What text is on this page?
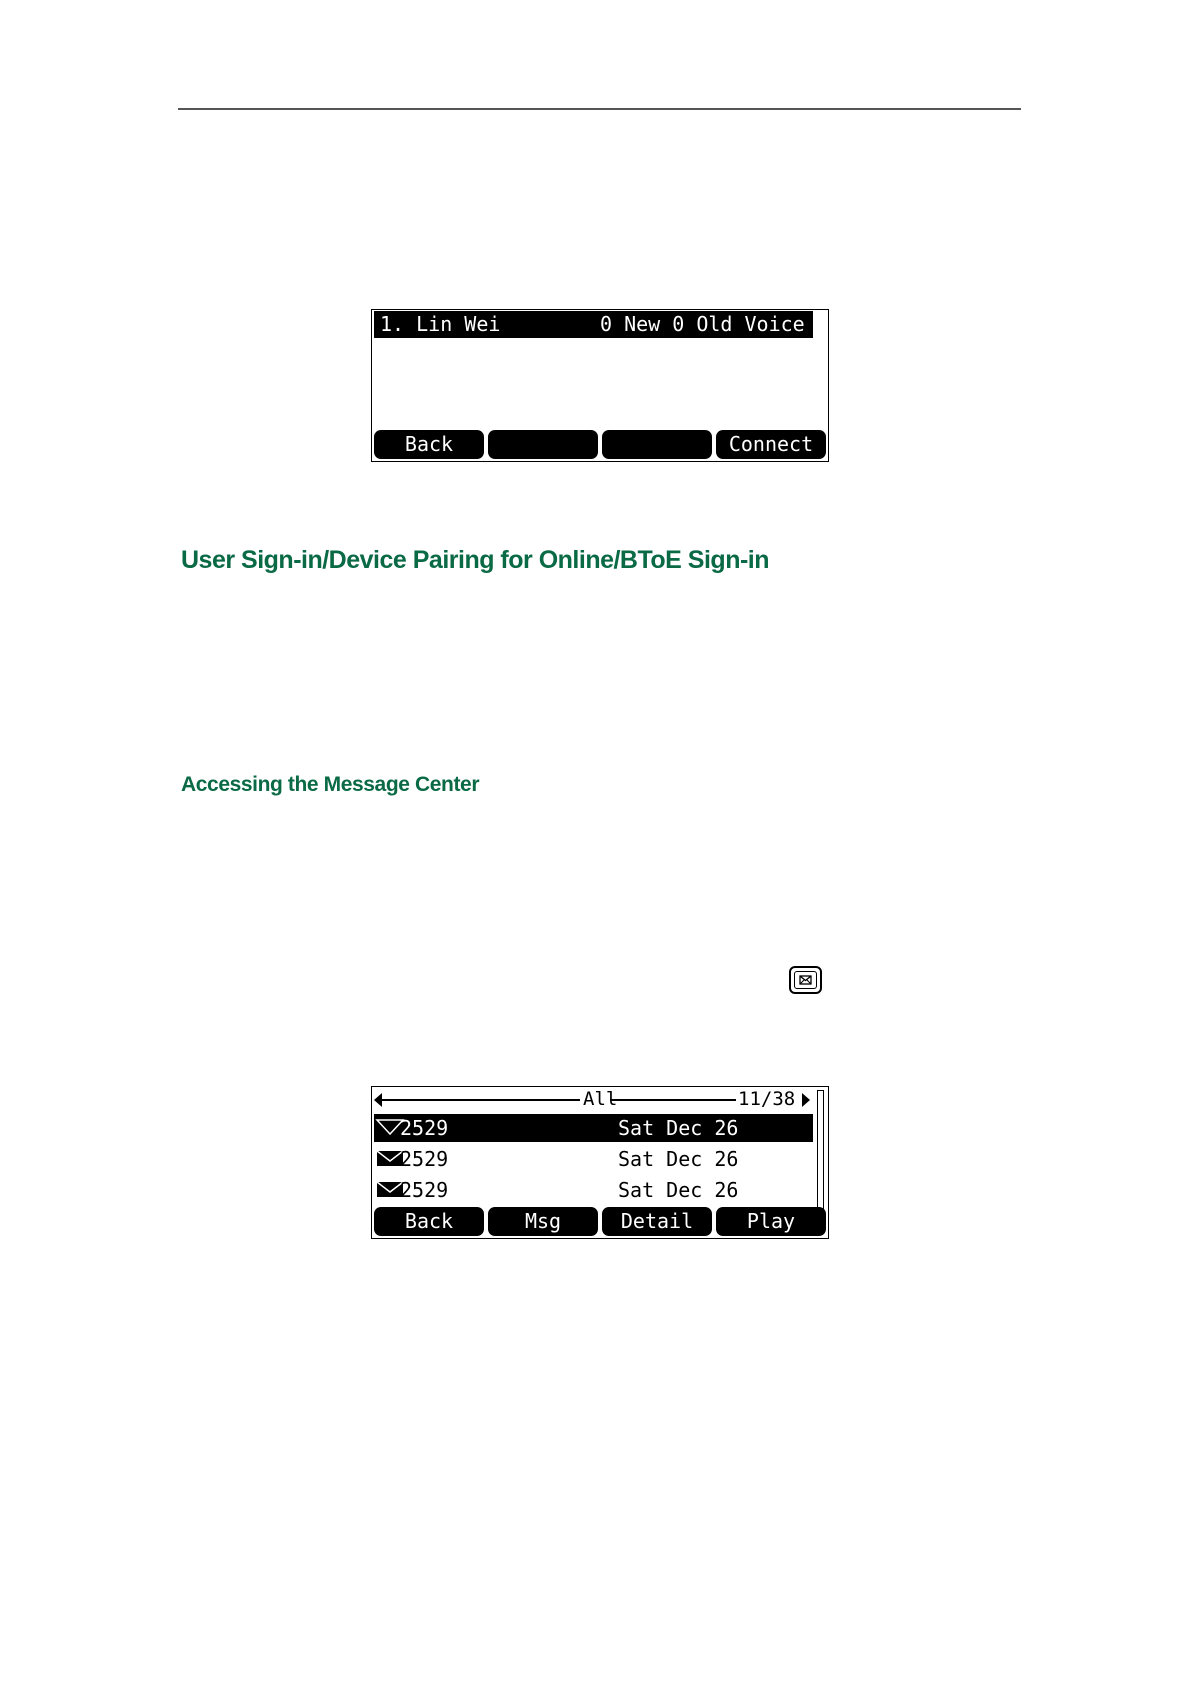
1. Lin Wei	0 New 0 Old Voice Ma
Back	Connect
User Sign-in/Device Pairing for Online/BToE Sign-in
Accessing the Message Center
All	11/38
2529	Sat Dec 26
2529	Sat Dec 26
2529	Sat Dec 26
Back	Msg	Detail	Play
